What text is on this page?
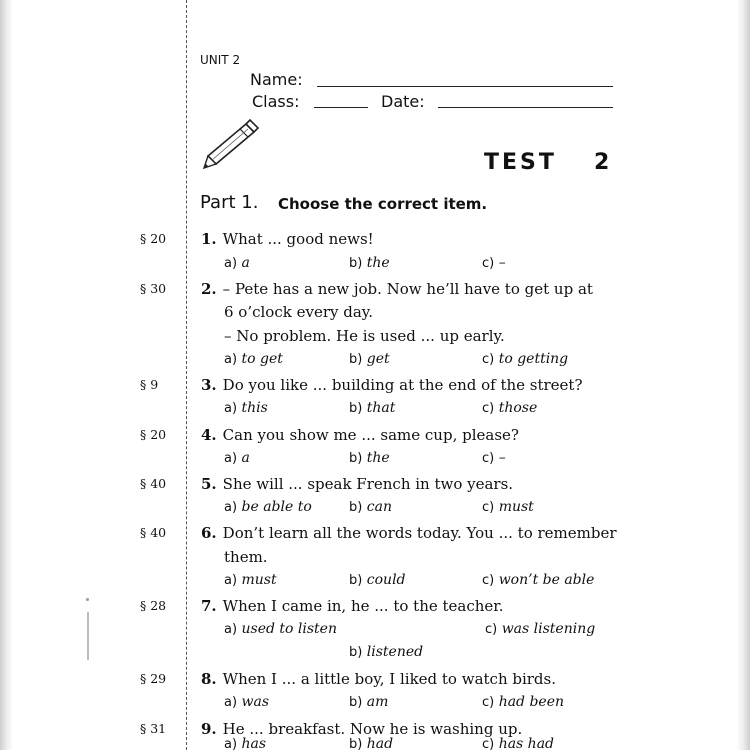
UNIT 2
Name:
Class:	Date:
TEST 2
Part 1. Choose the correct item.
§ 20 1. What ... good news!
a) a	b) the	c) –
§ 30 2. – Pete has a new job. Now he’ll have to get up at
6 o’clock every day.
– No problem. He is used ... up early.
a) to get	b) get	c) to getting
§ 9	3. Do you like ... building at the end of the street?
a) this	b) that	c) those
§ 20 4. Can you show me ... same cup, please?
a) a	b) the	c) –
§ 40 5. She will ... speak French in two years.
a) be able to	b) can	c) must
§ 40 6. Don’t learn all the words today. You ... to remember
them.
a) must	b) could	c) won’t be able
§ 28 7. When I came in, he ... to the teacher.
a) used to listen	c) was listening
b) listened
§ 29 8. When I ... a little boy, I liked to watch birds.
a) was	b) am	c) had been
§ 31 9. He ... breakfast. Now he is washing up.
a) has	b) had	c) has had
